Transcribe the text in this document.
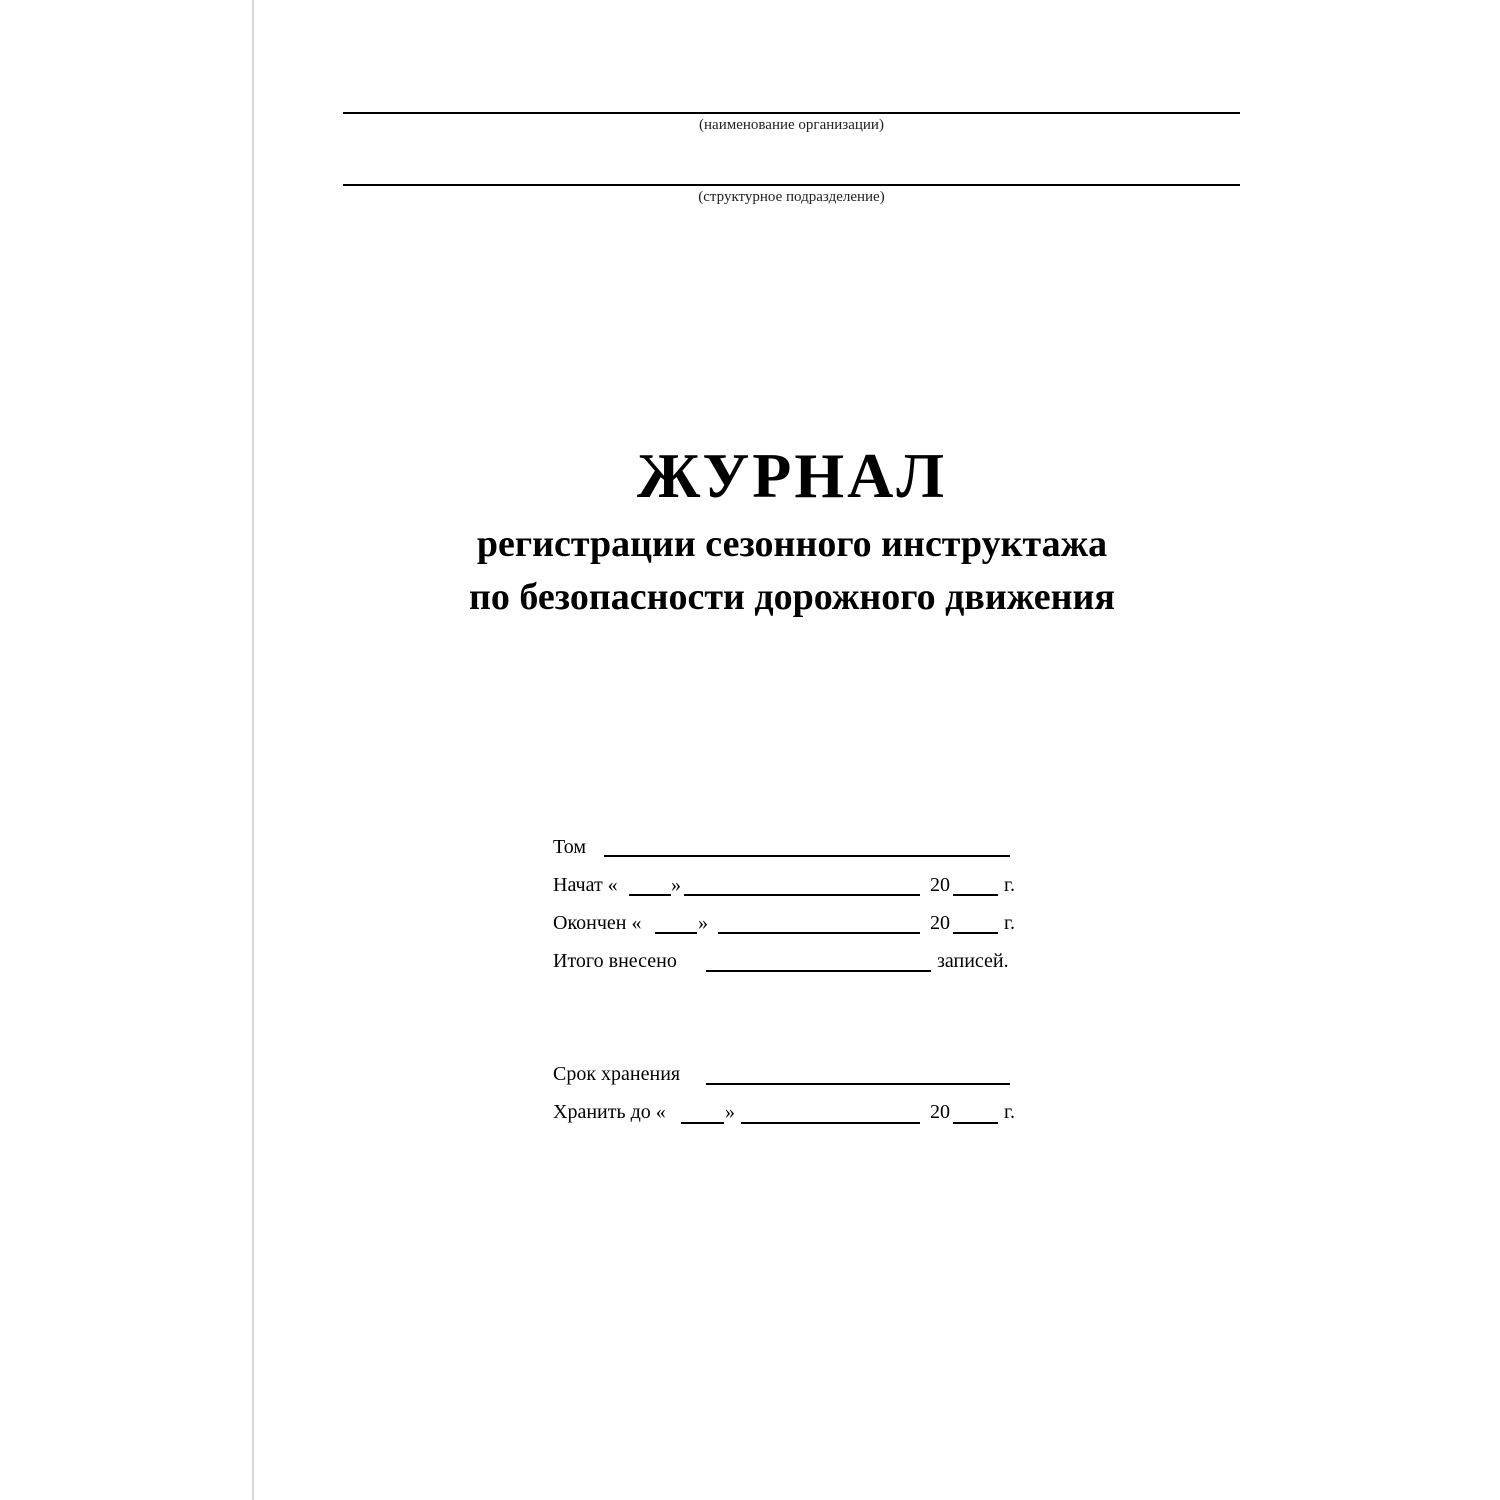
(наименование организации)
(структурное подразделение)
ЖУРНАЛ
регистрации сезонного инструктажа
по безопасности дорожного движения
Том
Начат «	»	20	г.
Окончен «	»	20	г.
Итого внесено	записей.
Срок хранения
Хранить до «	»	20	г.
